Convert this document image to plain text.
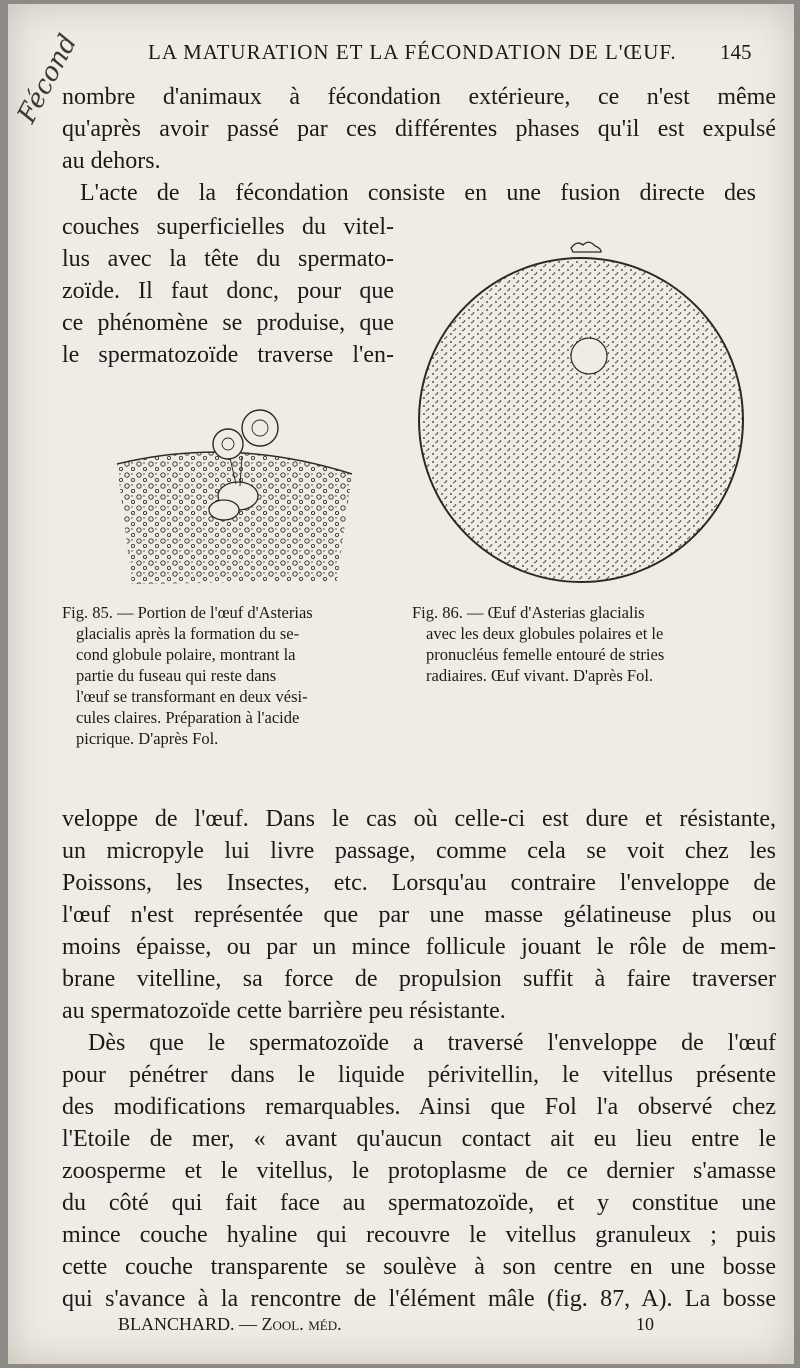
Fécond	LA MATURATION ET LA FÉCONDATION DE L'ŒUF. 145
nombre d'animaux à fécondation extérieure, ce n'est même
qu'après avoir passé par ces différentes phases qu'il est expulsé
au dehors.
L'acte de la fécondation consiste en une fusion directe des
couches superficielles du vitel-
lus avec la tête du spermato-
zoïde. Il faut donc, pour que
ce phénomène se produise, que
le spermatozoïde traverse l'en-
Fig. 85. — Portion de l'œuf d'Asterias
glacialis après la formation du se-
cond globule polaire, montrant la
partie du fuseau qui reste dans
l'œuf se transformant en deux vési-
cules claires. Préparation à l'acide
picrique. D'après Fol.
Fig. 86. — Œuf d'Asterias glacialis
avec les deux globules polaires et le
pronucléus femelle entouré de stries
radiaires. Œuf vivant. D'après Fol.
veloppe de l'œuf. Dans le cas où celle-ci est dure et résistante,
un micropyle lui livre passage, comme cela se voit chez les
Poissons, les Insectes, etc. Lorsqu'au contraire l'enveloppe de
l'œuf n'est représentée que par une masse gélatineuse plus ou
moins épaisse, ou par un mince follicule jouant le rôle de mem-
brane vitelline, sa force de propulsion suffit à faire traverser
au spermatozoïde cette barrière peu résistante.
Dès que le spermatozoïde a traversé l'enveloppe de l'œuf
pour pénétrer dans le liquide périvitellin, le vitellus présente
des modifications remarquables. Ainsi que Fol l'a observé chez
l'Etoile de mer, « avant qu'aucun contact ait eu lieu entre le
zoosperme et le vitellus, le protoplasme de ce dernier s'amasse
du côté qui fait face au spermatozoïde, et y constitue une
mince couche hyaline qui recouvre le vitellus granuleux ; puis
cette couche transparente se soulève à son centre en une bosse
qui s'avance à la rencontre de l'élément mâle (fig. 87, A). La bosse
BLANCHARD. — Zool. méd.	10
